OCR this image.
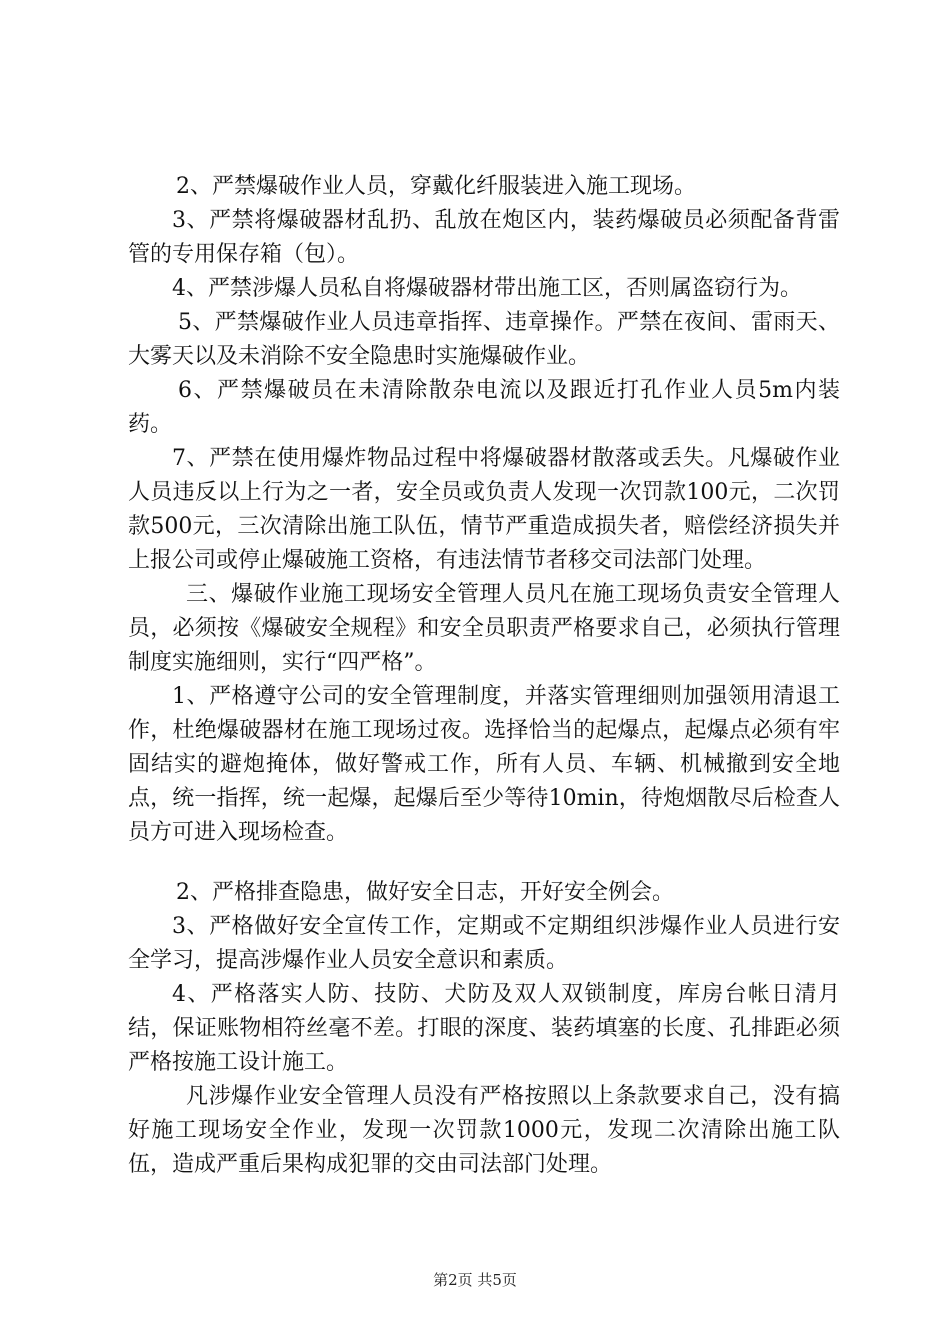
2、严禁爆破作业人员，穿戴化纤服装进入施工现场。

3、严禁将爆破器材乱扔、乱放在炮区内，装药爆破员必须配备背雷管的专用保存箱（包）。

4、严禁涉爆人员私自将爆破器材带出施工区，否则属盗窃行为。

5、严禁爆破作业人员违章指挥、违章操作。严禁在夜间、雷雨天、大雾天以及未消除不安全隐患时实施爆破作业。

6、严禁爆破员在未清除散杂电流以及跟近打孔作业人员5m内装药。

7、严禁在使用爆炸物品过程中将爆破器材散落或丢失。凡爆破作业人员违反以上行为之一者，安全员或负责人发现一次罚款100元，二次罚款500元，三次清除出施工队伍，情节严重造成损失者，赔偿经济损失并上报公司或停止爆破施工资格，有违法情节者移交司法部门处理。

三、爆破作业施工现场安全管理人员凡在施工现场负责安全管理人员，必须按《爆破安全规程》和安全员职责严格要求自己，必须执行管理制度实施细则，实行“四严格”。

1、严格遵守公司的安全管理制度，并落实管理细则加强领用清退工作，杜绝爆破器材在施工现场过夜。选择恰当的起爆点，起爆点必须有牢固结实的避炮掩体，做好警戒工作，所有人员、车辆、机械撤到安全地点，统一指挥，统一起爆，起爆后至少等待10min，待炮烟散尽后检查人员方可进入现场检查。

2、严格排查隐患，做好安全日志，开好安全例会。

3、严格做好安全宣传工作，定期或不定期组织涉爆作业人员进行安全学习，提高涉爆作业人员安全意识和素质。

4、严格落实人防、技防、犬防及双人双锁制度，库房台帐日清月结，保证账物相符丝毫不差。打眼的深度、装药填塞的长度、孔排距必须严格按施工设计施工。

凡涉爆作业安全管理人员没有严格按照以上条款要求自己，没有搞好施工现场安全作业，发现一次罚款1000元，发现二次清除出施工队伍，造成严重后果构成犯罪的交由司法部门处理。

第2页 共5页
